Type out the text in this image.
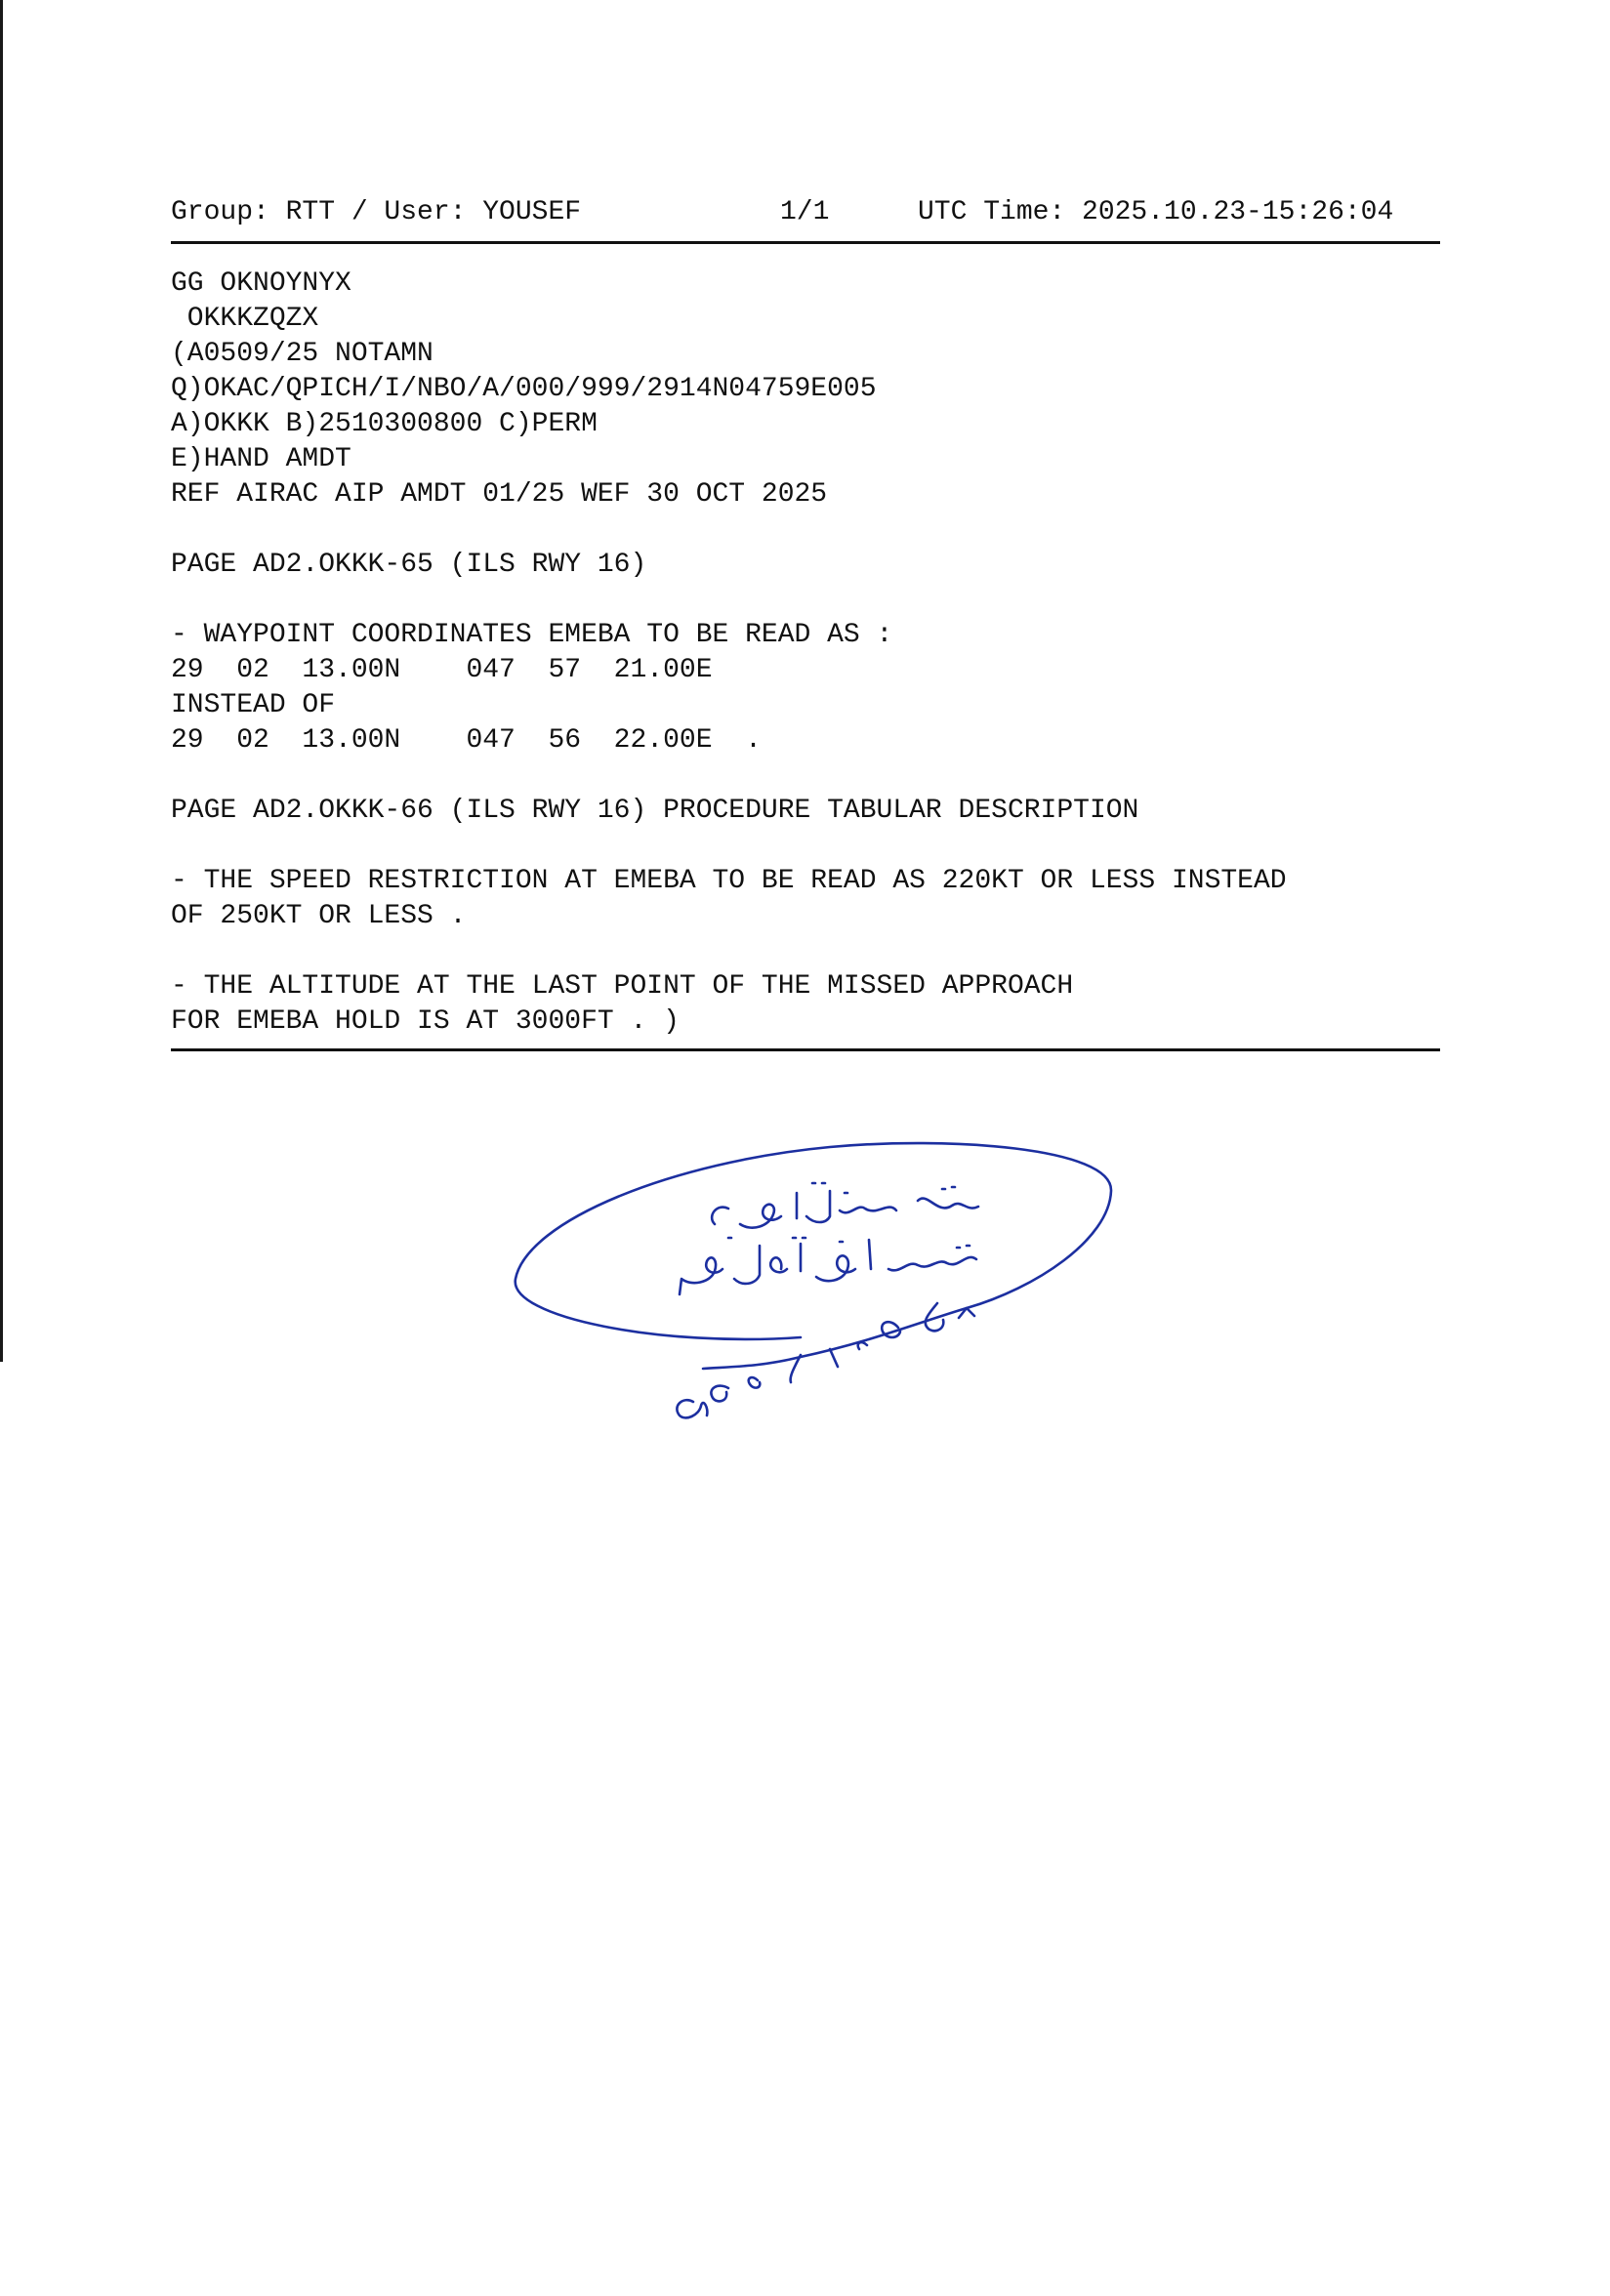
Group: RTT / User: YOUSEF

	1/1

	UTC Time: 2025.10.23-15:26:04

GG OKNOYNYX
OKKKZQZX
(A0509/25 NOTAMN
Q)OKAC/QPICH/I/NBO/A/000/999/2914N04759E005
A)OKKK B)2510300800 C)PERM
E)HAND AMDT
REF AIRAC AIP AMDT 01/25 WEF 30 OCT 2025
PAGE AD2.OKKK-65 (ILS RWY 16)
- WAYPOINT COORDINATES EMEBA TO BE READ AS :
29  02  13.00N    047  57  21.00E
INSTEAD OF
29  02  13.00N    047  56  22.00E  .
PAGE AD2.OKKK-66 (ILS RWY 16) PROCEDURE TABULAR DESCRIPTION
- THE SPEED RESTRICTION AT EMEBA TO BE READ AS 220KT OR LESS INSTEAD
OF 250KT OR LESS .
- THE ALTITUDE AT THE LAST POINT OF THE MISSED APPROACH
FOR EMEBA HOLD IS AT 3000FT . )
